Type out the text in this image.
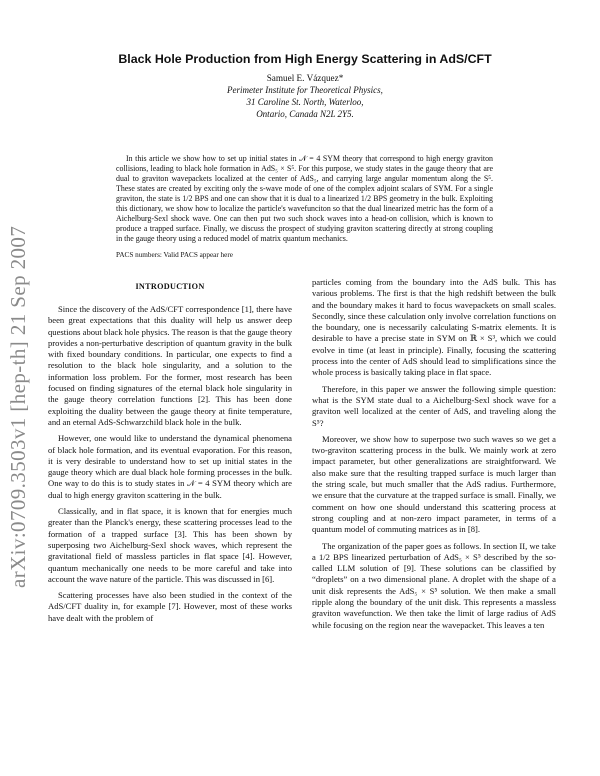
arXiv:0709.3503v1 [hep-th] 21 Sep 2007
Black Hole Production from High Energy Scattering in AdS/CFT
Samuel E. Vázquez*
Perimeter Institute for Theoretical Physics,
31 Caroline St. North, Waterloo,
Ontario, Canada N2L 2Y5.

In this article we show how to set up initial states in 𝒩 = 4 SYM theory that correspond to high energy graviton collisions, leading to black hole formation in AdS₅ × S⁵. For this purpose, we study states in the gauge theory that are dual to graviton wavepackets localized at the center of AdS₅, and carrying large angular momentum along the S⁵. These states are created by exciting only the s-wave mode of one of the complex adjoint scalars of SYM. For a single graviton, the state is 1/2 BPS and one can show that it is dual to a linearized 1/2 BPS geometry in the bulk. Exploiting this dictionary, we show how to localize the particle's wavefunciton so that the dual linearized metric has the form of a Aichelburg-Sexl shock wave. One can then put two such shock waves into a head-on collision, which is known to produce a trapped surface. Finally, we discuss the prospect of studying graviton scattering directly at strong coupling in the gauge theory using a reduced model of matrix quantum mechanics.

PACS numbers: Valid PACS appear here
INTRODUCTION

Since the discovery of the AdS/CFT correspondence [1], there have been great expectations that this duality will help us answer deep questions about black hole physics. The reason is that the gauge theory provides a non-perturbative description of quantum gravity in the bulk with fixed boundary conditions. In particular, one expects to find a resolution to the black hole singularity, and a solution to the information loss problem. For the former, most research has been focused on finding signatures of the eternal black hole singularity in the gauge theory correlation functions [2]. This has been done exploiting the duality between the gauge theory at finite temperature, and an eternal AdS-Schwarzchild black hole in the bulk.

However, one would like to understand the dynamical phenomena of black hole formation, and its eventual evaporation. For this reason, it is very desirable to understand how to set up initial states in the gauge theory which are dual black hole forming processes in the bulk. One way to do this is to study states in 𝒩 = 4 SYM theory which are dual to high energy graviton scattering in the bulk.

Classically, and in flat space, it is known that for energies much greater than the Planck's energy, these scattering processes lead to the formation of a trapped surface [3]. This has been shown by superposing two Aichelburg-Sexl shock waves, which represent the gravitational field of massless particles in flat space [4]. However, quantum mechanically one needs to be more careful and take into account the wave nature of the particle. This was discussed in [6].

Scattering processes have also been studied in the context of the AdS/CFT duality in, for example [7]. However, most of these works have dealt with the problem of

particles coming from the boundary into the AdS bulk. This has various problems. The first is that the high redshift between the bulk and the boundary makes it hard to focus wavepackets on small scales. Secondly, since these calculation only involve correlation functions on the boundary, one is necessarily calculating S-matrix elements. It is desirable to have a precise state in SYM on ℝ × S³, which we could evolve in time (at least in principle). Finally, focusing the scattering process into the center of AdS should lead to simplifications since the whole process is basically taking place in flat space.

Therefore, in this paper we answer the following simple question: what is the SYM state dual to a Aichelburg-Sexl shock wave for a graviton well localized at the center of AdS, and traveling along the S⁵?

Moreover, we show how to superpose two such waves so we get a two-graviton scattering process in the bulk. We mainly work at zero impact parameter, but other generalizations are straightforward. We also make sure that the resulting trapped surface is much larger than the string scale, but much smaller that the AdS radius. Furthermore, we ensure that the curvature at the trapped surface is small. Finally, we comment on how one should understand this scattering process at strong coupling and at non-zero impact parameter, in terms of a quantum model of commuting matrices as in [8].

The organization of the paper goes as follows. In section II, we take a 1/2 BPS linearized perturbation of AdS₅ × S⁵ described by the so-called LLM solution of [9]. These solutions can be classified by “droplets” on a two dimensional plane. A droplet with the shape of a unit disk represents the AdS₅ × S⁵ solution. We then make a small ripple along the boundary of the unit disk. This represents a massless graviton wavefunction. We then take the limit of large radius of AdS while focusing on the region near the wavepacket. This leaves a ten
